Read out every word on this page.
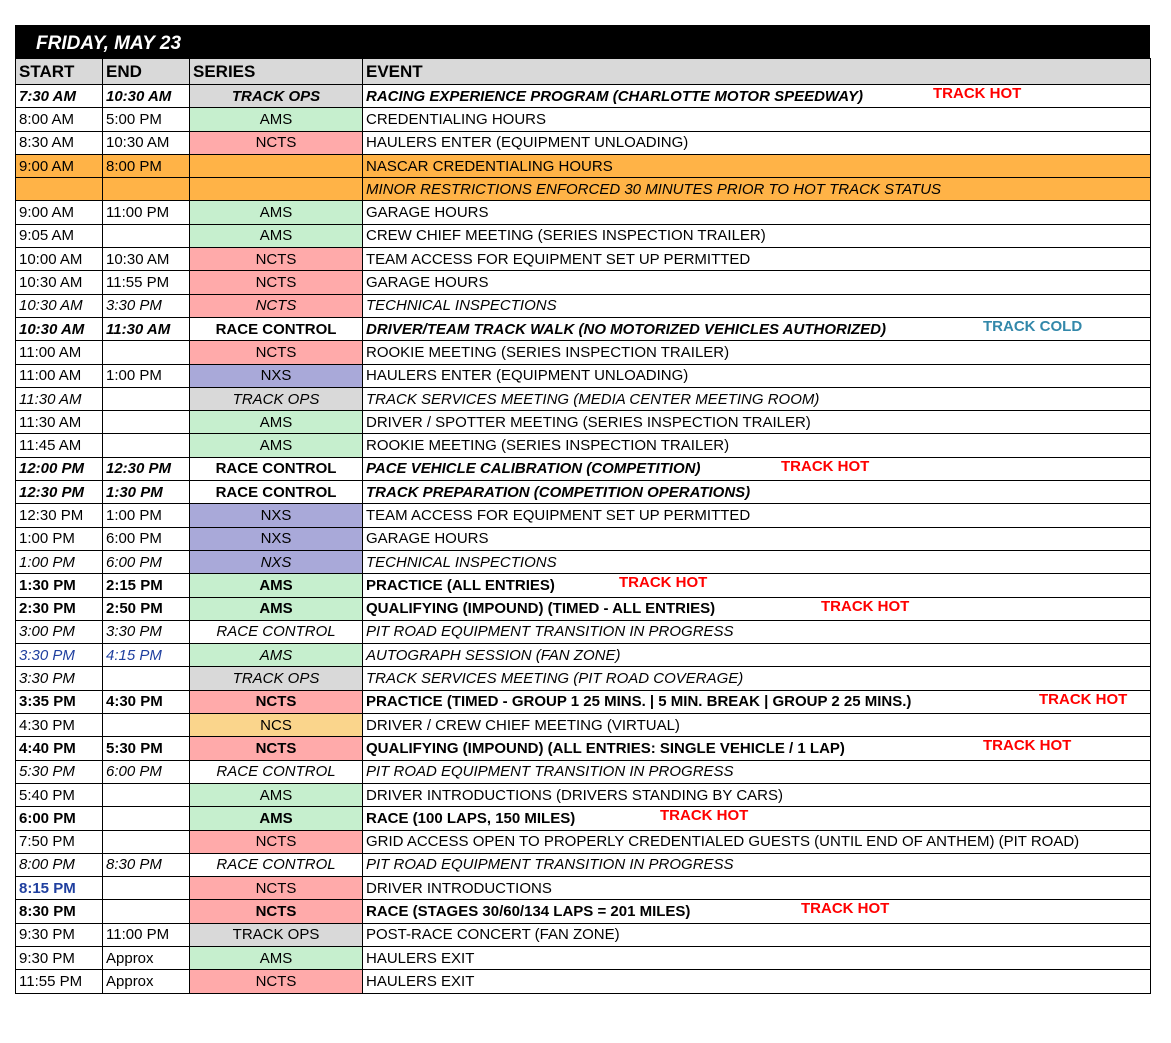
FRIDAY, MAY 23
START	END	SERIES	EVENT
7:30 AM	10:30 AM	TRACK OPS	RACING EXPERIENCE PROGRAM (CHARLOTTE MOTOR SPEEDWAY) TRACK HOT

8:00 AM	5:00 PM	AMS	CREDENTIALING HOURS
8:30 AM	10:30 AM	NCTS	HAULERS ENTER (EQUIPMENT UNLOADING)
9:00 AM	8:00 PM		NASCAR CREDENTIALING HOURS
			MINOR RESTRICTIONS ENFORCED 30 MINUTES PRIOR TO HOT TRACK STATUS
9:00 AM	11:00 PM	AMS	GARAGE HOURS
9:05 AM		AMS	CREW CHIEF MEETING (SERIES INSPECTION TRAILER)
10:00 AM	10:30 AM	NCTS	TEAM ACCESS FOR EQUIPMENT SET UP PERMITTED
10:30 AM	11:55 PM	NCTS	GARAGE HOURS
10:30 AM	3:30 PM	NCTS	TECHNICAL INSPECTIONS
10:30 AM	11:30 AM	RACE CONTROL	DRIVER/TEAM TRACK WALK (NO MOTORIZED VEHICLES AUTHORIZED) TRACK COLD

11:00 AM		NCTS	ROOKIE MEETING (SERIES INSPECTION TRAILER)
11:00 AM	1:00 PM	NXS	HAULERS ENTER (EQUIPMENT UNLOADING)
11:30 AM		TRACK OPS	TRACK SERVICES MEETING (MEDIA CENTER MEETING ROOM)
11:30 AM		AMS	DRIVER / SPOTTER MEETING (SERIES INSPECTION TRAILER)
11:45 AM		AMS	ROOKIE MEETING (SERIES INSPECTION TRAILER)
12:00 PM	12:30 PM	RACE CONTROL	PACE VEHICLE CALIBRATION (COMPETITION) TRACK HOT

12:30 PM	1:30 PM	RACE CONTROL	TRACK PREPARATION (COMPETITION OPERATIONS)
12:30 PM	1:00 PM	NXS	TEAM ACCESS FOR EQUIPMENT SET UP PERMITTED
1:00 PM	6:00 PM	NXS	GARAGE HOURS
1:00 PM	6:00 PM	NXS	TECHNICAL INSPECTIONS
1:30 PM	2:15 PM	AMS	PRACTICE (ALL ENTRIES) TRACK HOT

2:30 PM	2:50 PM	AMS	QUALIFYING (IMPOUND) (TIMED - ALL ENTRIES) TRACK HOT

3:00 PM	3:30 PM	RACE CONTROL	PIT ROAD EQUIPMENT TRANSITION IN PROGRESS
3:30 PM	4:15 PM	AMS	AUTOGRAPH SESSION (FAN ZONE)
3:30 PM		TRACK OPS	TRACK SERVICES MEETING (PIT ROAD COVERAGE)
3:35 PM	4:30 PM	NCTS	PRACTICE (TIMED - GROUP 1 25 MINS. | 5 MIN. BREAK | GROUP 2 25 MINS.) TRACK HOT

4:30 PM		NCS	DRIVER / CREW CHIEF MEETING (VIRTUAL)
4:40 PM	5:30 PM	NCTS	QUALIFYING (IMPOUND) (ALL ENTRIES: SINGLE VEHICLE / 1 LAP) TRACK HOT

5:30 PM	6:00 PM	RACE CONTROL	PIT ROAD EQUIPMENT TRANSITION IN PROGRESS
5:40 PM		AMS	DRIVER INTRODUCTIONS (DRIVERS STANDING BY CARS)
6:00 PM		AMS	RACE (100 LAPS, 150 MILES) TRACK HOT

7:50 PM		NCTS	GRID ACCESS OPEN TO PROPERLY CREDENTIALED GUESTS (UNTIL END OF ANTHEM) (PIT ROAD)
8:00 PM	8:30 PM	RACE CONTROL	PIT ROAD EQUIPMENT TRANSITION IN PROGRESS
8:15 PM		NCTS	DRIVER INTRODUCTIONS
8:30 PM		NCTS	RACE (STAGES 30/60/134 LAPS = 201 MILES) TRACK HOT

9:30 PM	11:00 PM	TRACK OPS	POST-RACE CONCERT (FAN ZONE)
9:30 PM	Approx	AMS	HAULERS EXIT
11:55 PM	Approx	NCTS	HAULERS EXIT
